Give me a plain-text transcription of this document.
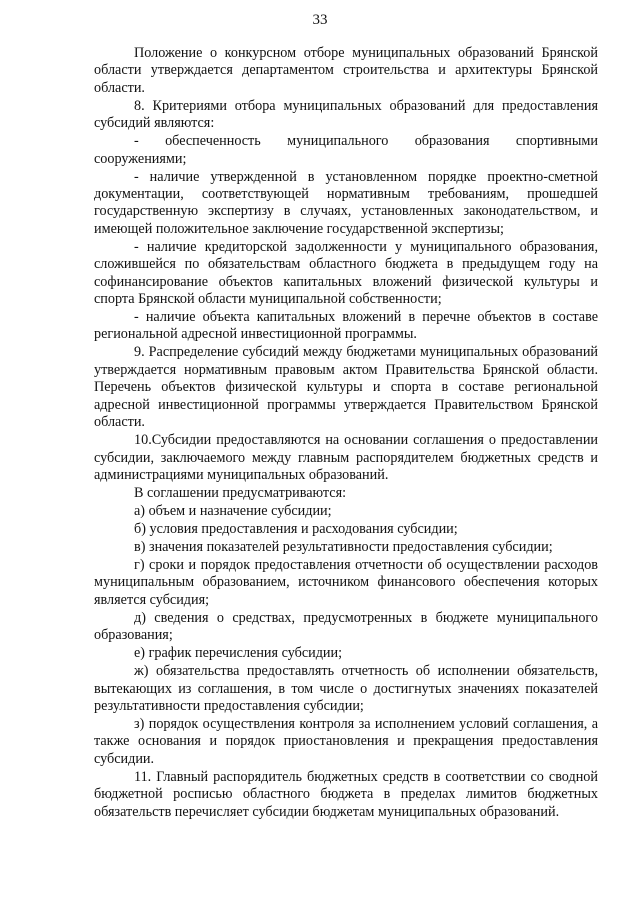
33

Положение о конкурсном отборе муниципальных образований Брянской области утверждается департаментом строительства и архитектуры Брянской области.

8. Критериями отбора муниципальных образований для предоставления субсидий являются:

- обеспеченность муниципального образования спортивными сооружениями;

- наличие утвержденной в установленном порядке проектно-сметной документации, соответствующей нормативным требованиям, прошедшей государственную экспертизу в случаях, установленных законодательством, и имеющей положительное заключение государственной экспертизы;

- наличие кредиторской задолженности у муниципального образования, сложившейся по обязательствам областного бюджета в предыдущем году на софинансирование объектов капитальных вложений физической культуры и спорта Брянской области муниципальной собственности;

- наличие объекта капитальных вложений в перечне объектов в составе региональной адресной инвестиционной программы.

9. Распределение субсидий между бюджетами муниципальных образований утверждается нормативным правовым актом Правительства Брянской области. Перечень объектов физической культуры и спорта в составе региональной адресной инвестиционной программы утверждается Правительством Брянской области.

10.Субсидии предоставляются на основании соглашения о предоставлении субсидии, заключаемого между главным распорядителем бюджетных средств и администрациями муниципальных образований.

В соглашении предусматриваются:

а) объем и назначение субсидии;

б) условия предоставления и расходования субсидии;

в) значения показателей результативности предоставления субсидии;

г) сроки и порядок предоставления отчетности об осуществлении расходов муниципальным образованием, источником финансового обеспечения которых является субсидия;

д) сведения о средствах, предусмотренных в бюджете муниципального образования;

е) график перечисления субсидии;

ж) обязательства предоставлять отчетность об исполнении обязательств, вытекающих из соглашения, в том числе о достигнутых значениях показателей результативности предоставления субсидии;

з) порядок осуществления контроля за исполнением условий соглашения, а также основания и порядок приостановления и прекращения предоставления субсидии.

11. Главный распорядитель бюджетных средств в соответствии со сводной бюджетной росписью областного бюджета в пределах лимитов бюджетных обязательств перечисляет субсидии бюджетам муниципальных образований.
